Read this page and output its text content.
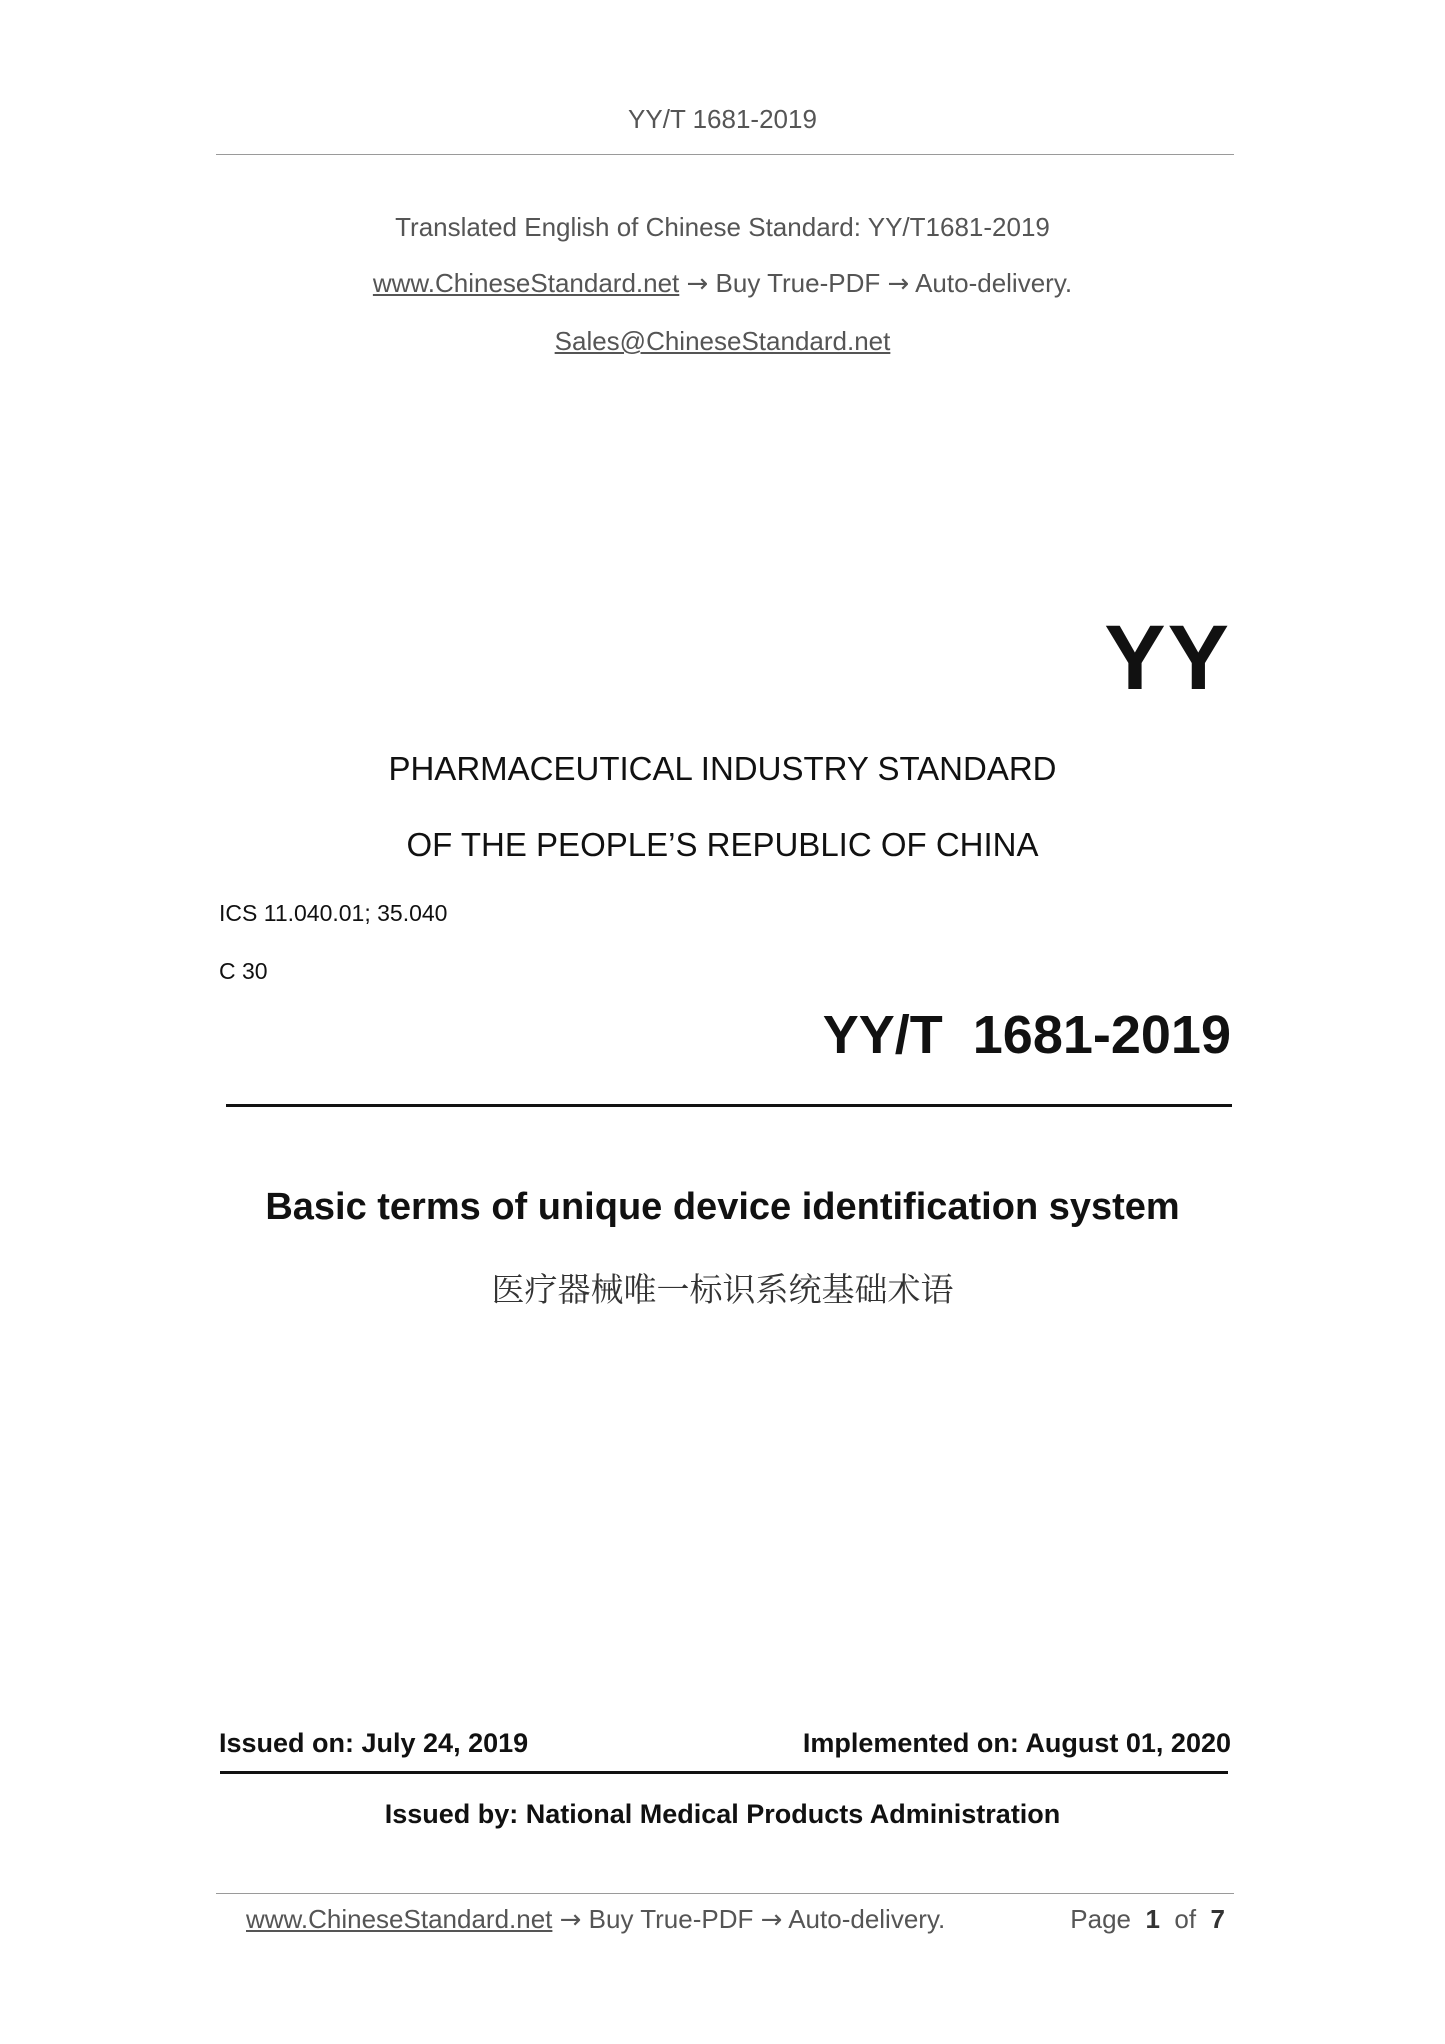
YY/T 1681-2019
Translated English of Chinese Standard: YY/T1681-2019
www.ChineseStandard.net → Buy True-PDF → Auto-delivery.
Sales@ChineseStandard.net
YY
PHARMACEUTICAL INDUSTRY STANDARD
OF THE PEOPLE’S REPUBLIC OF CHINA
ICS 11.040.01; 35.040
C 30
YY/T  1681-2019
Basic terms of unique device identification system
医疗器械唯一标识系统基础术语
Issued on: July 24, 2019	Implemented on: August 01, 2020
Issued by: National Medical Products Administration
www.ChineseStandard.net → Buy True-PDF → Auto-delivery.	Page 1 of 7
